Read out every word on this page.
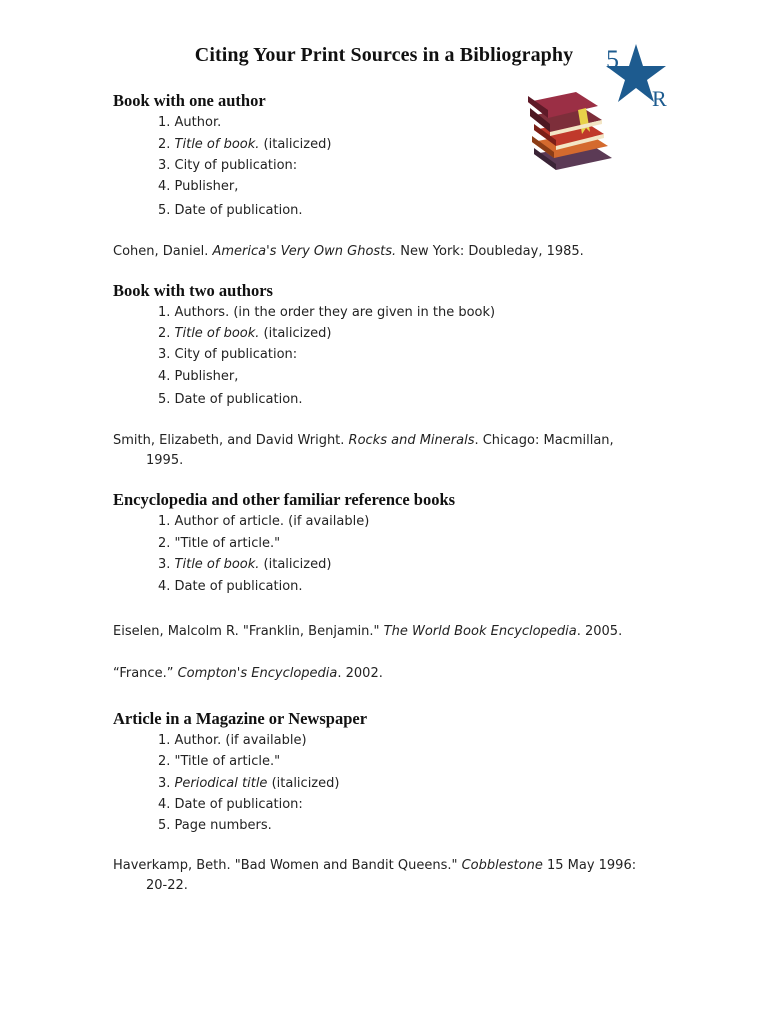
Citing Your Print Sources in a Bibliography	5
R
Book with one author
1. Author.
2. Title of book. (italicized)
3. City of publication:
4. Publisher,
5. Date of publication.
Cohen, Daniel. America's Very Own Ghosts. New York: Doubleday, 1985.
Book with two authors
1. Authors. (in the order they are given in the book)
2. Title of book. (italicized)
3. City of publication:
4. Publisher,
5. Date of publication.
Smith, Elizabeth, and David Wright. Rocks and Minerals. Chicago: Macmillan,
1995.
Encyclopedia and other familiar reference books
1. Author of article. (if available)
2. "Title of article."
3. Title of book. (italicized)
4. Date of publication.
Eiselen, Malcolm R. "Franklin, Benjamin." The World Book Encyclopedia. 2005.
“France.” Compton's Encyclopedia. 2002.
Article in a Magazine or Newspaper
1. Author. (if available)
2. "Title of article."
3. Periodical title (italicized)
4. Date of publication:
5. Page numbers.
Haverkamp, Beth. "Bad Women and Bandit Queens." Cobblestone 15 May 1996:
20-22.
